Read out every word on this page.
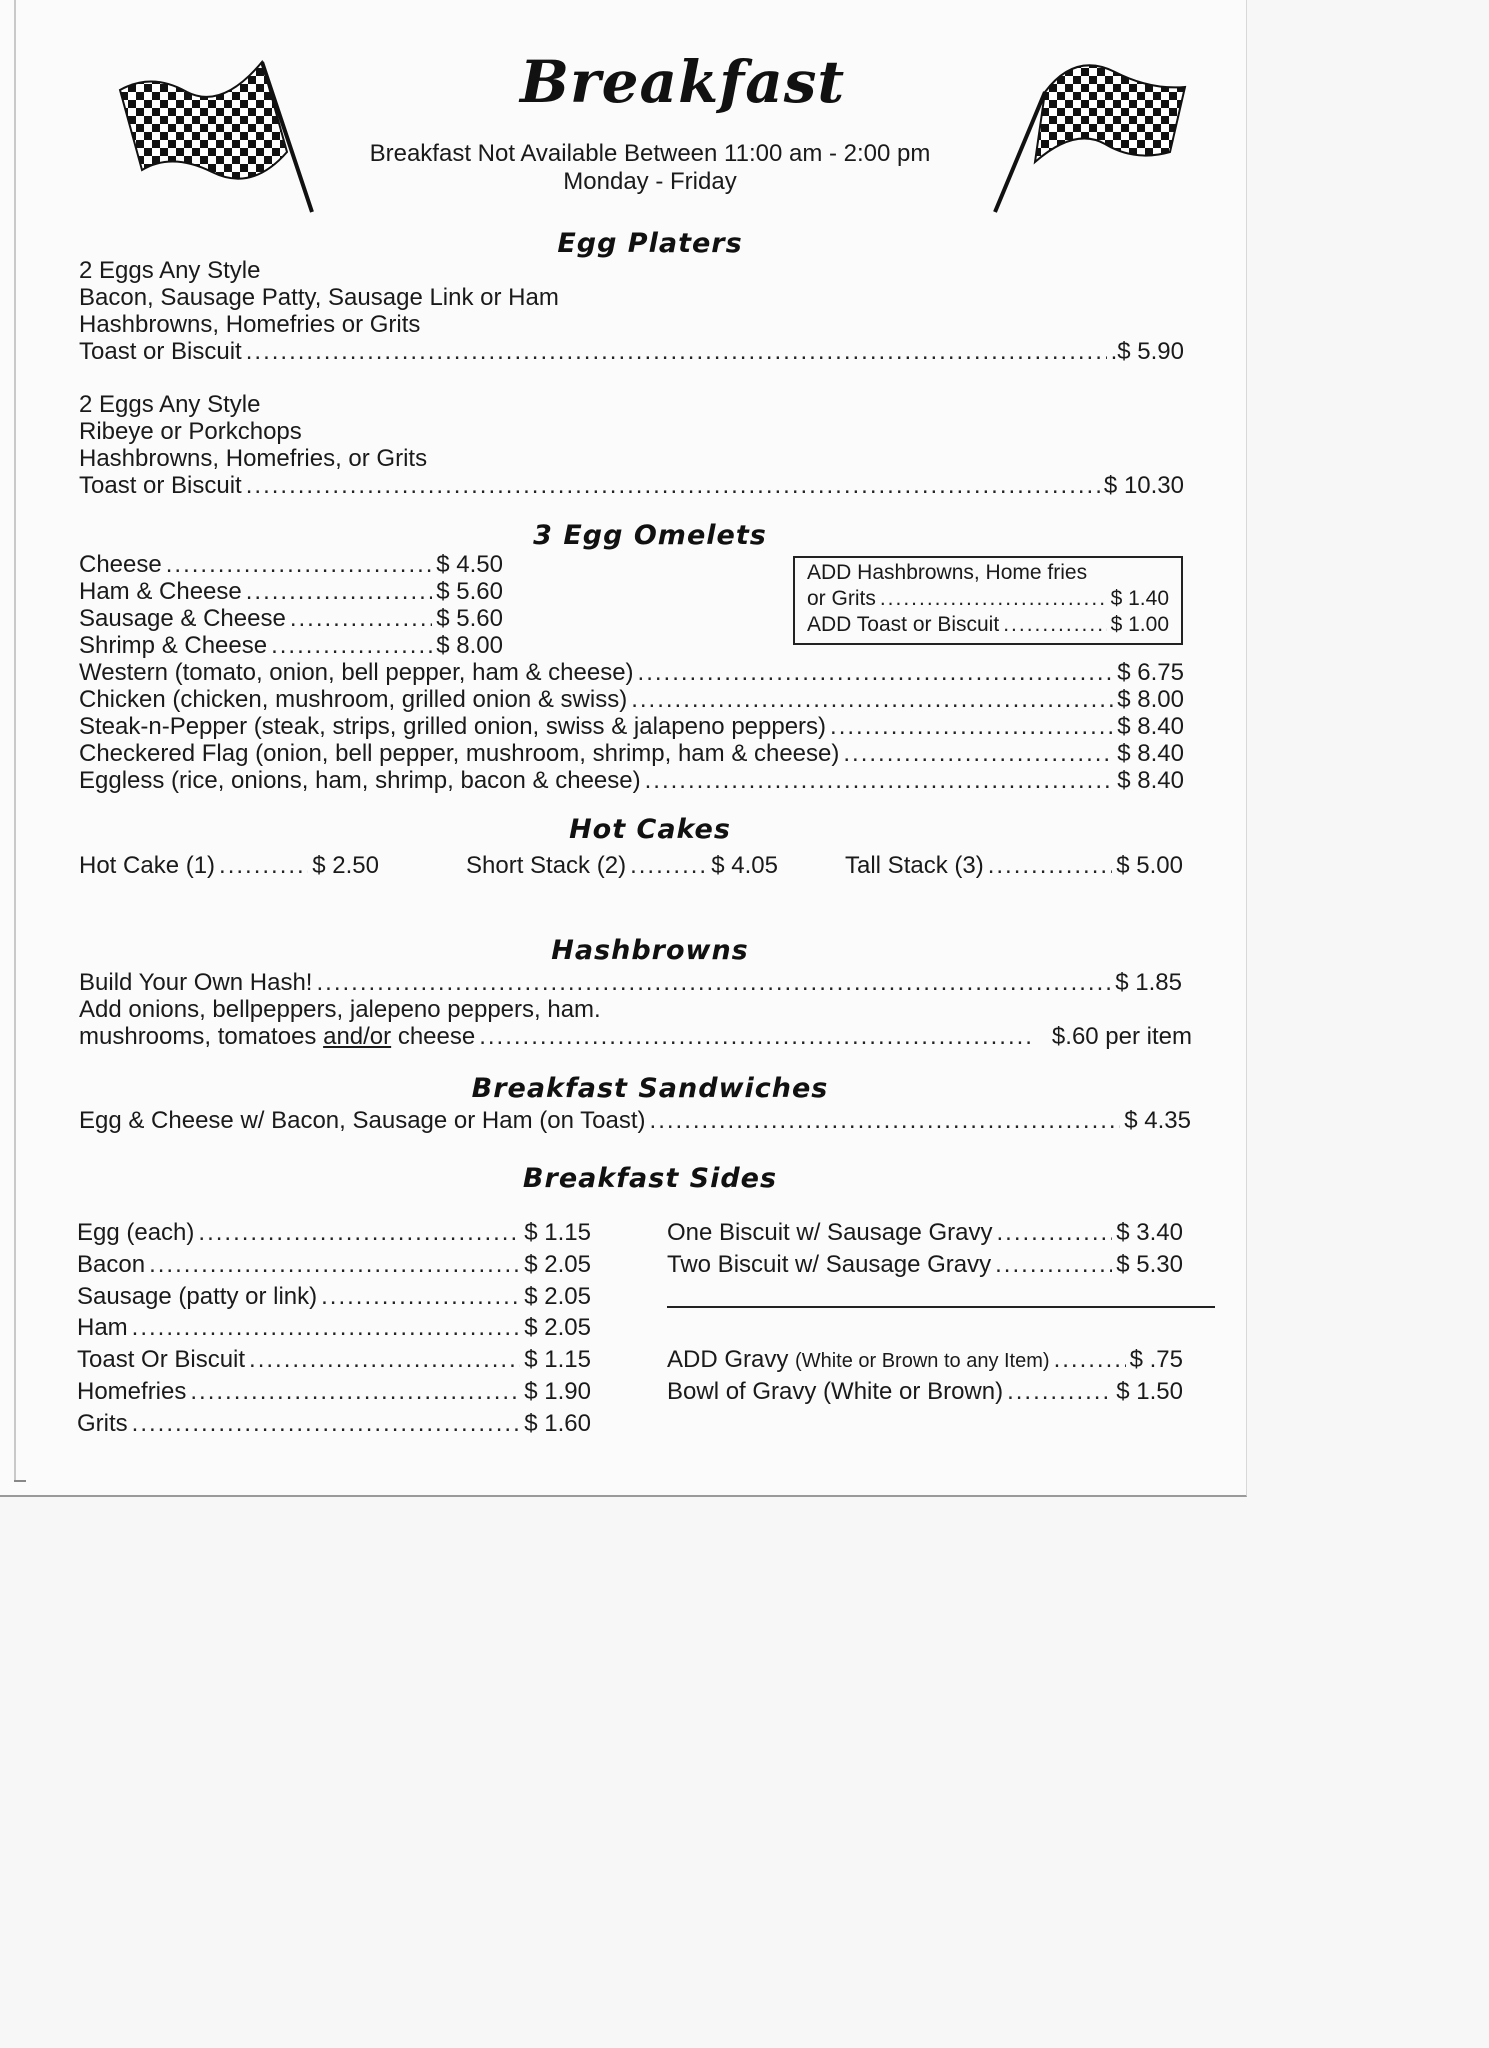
Breakfast
Breakfast Not Available Between 11:00 am - 2:00 pm
Monday - Friday
Egg Platers
2 Eggs Any Style
Bacon, Sausage Patty, Sausage Link or Ham
Hashbrowns, Homefries or Grits
Toast or Biscuit .....	.$ 5.90
2 Eggs Any Style
Ribeye or Porkchops
Hashbrowns, Homefries, or Grits
Toast or Biscuit .....	$ 10.30
3 Egg Omelets
Cheese .....	$ 4.50
Ham & Cheese .....	$ 5.60
Sausage & Cheese .....	$ 5.60
Shrimp & Cheese .....	$ 8.00
ADD Hashbrowns, Home fries
or Grits .....	$ 1.40
ADD Toast or Biscuit .....	$ 1.00
Western (tomato, onion, bell pepper, ham & cheese) .....	$ 6.75
Chicken (chicken, mushroom, grilled onion & swiss) .....	$ 8.00
Steak-n-Pepper (steak, strips, grilled onion, swiss & jalapeno peppers) .....	$ 8.40
Checkered Flag (onion, bell pepper, mushroom, shrimp, ham & cheese) .....	$ 8.40
Eggless (rice, onions, ham, shrimp, bacon & cheese) .....	$ 8.40
Hot Cakes
Hot Cake (1) .....	$ 2.50	Short Stack (2) .....	$ 4.05	Tall Stack (3) .....	$ 5.00
Hashbrowns
Build Your Own Hash! .....	$ 1.85
Add onions, bellpeppers, jalepeno peppers, ham.
mushrooms, tomatoes and/or cheese .....	$.60 per item
Breakfast Sandwiches
Egg & Cheese w/ Bacon, Sausage or Ham (on Toast) .....	$ 4.35
Breakfast Sides
Egg (each) .....	$ 1.15
Bacon .....	$ 2.05
Sausage (patty or link) .....	$ 2.05
Ham .....	$ 2.05
Toast Or Biscuit .....	$ 1.15
Homefries .....	$ 1.90
Grits .....	$ 1.60
One Biscuit w/ Sausage Gravy .....	$ 3.40
Two Biscuit w/ Sausage Gravy .....	$ 5.30
ADD Gravy (White or Brown to any Item) .....	$ .75
Bowl of Gravy (White or Brown) .....	$ 1.50
